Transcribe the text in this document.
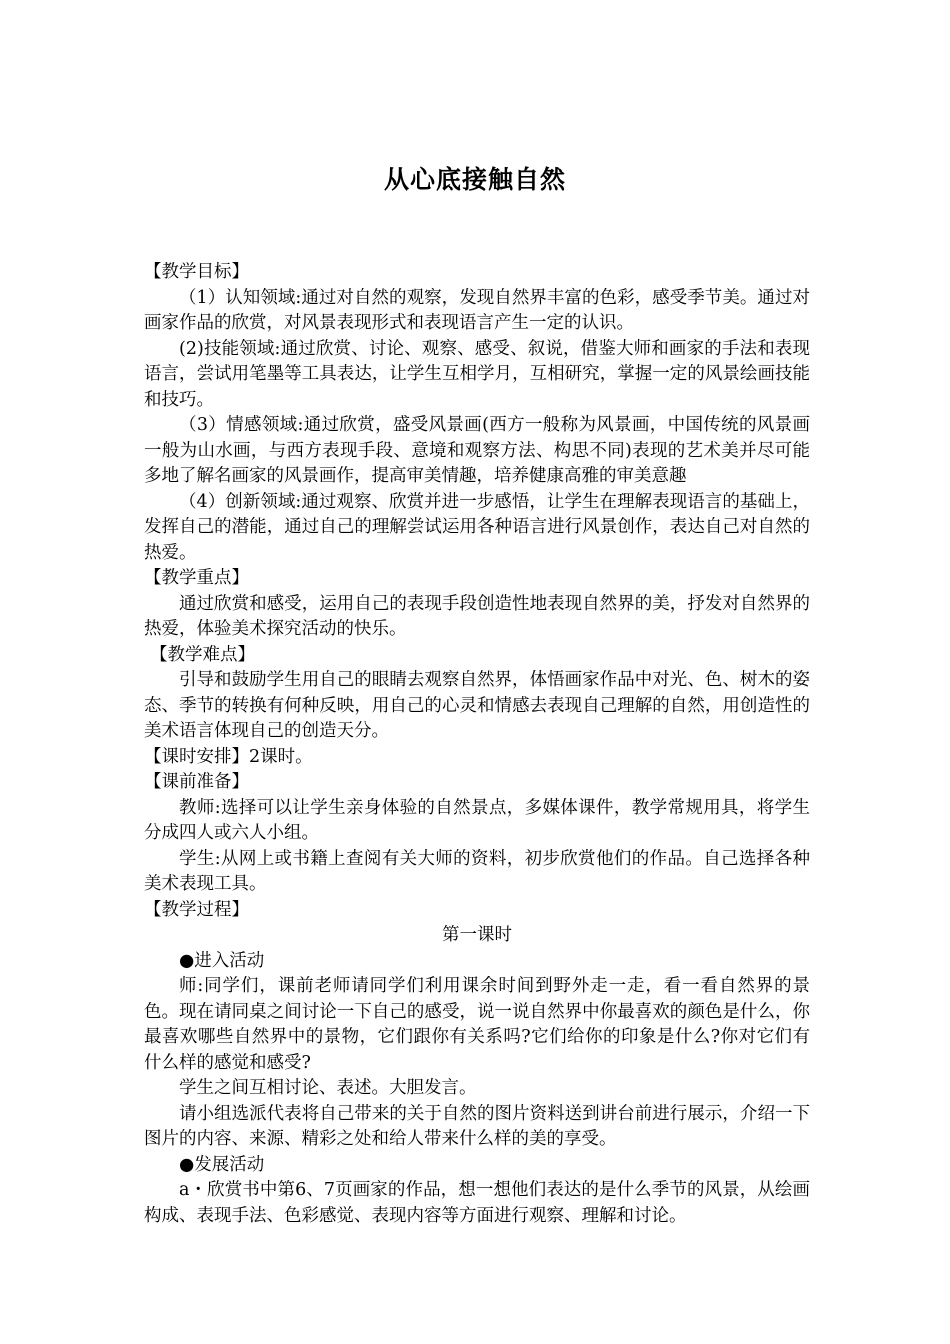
从心底接触自然

【教学目标】

（1）认知领域:通过对自然的观察，发现自然界丰富的色彩，感受季节美。通过对画家作品的欣赏，对风景表现形式和表现语言产生一定的认识。

(2)技能领域:通过欣赏、讨论、观察、感受、叙说，借鉴大师和画家的手法和表现语言，尝试用笔墨等工具表达，让学生互相学月，互相研究，掌握一定的风景绘画技能和技巧。

（3）情感领域:通过欣赏，盛受风景画(西方一般称为风景画，中国传统的风景画一般为山水画，与西方表现手段、意境和观察方法、构思不同)表现的艺术美并尽可能多地了解名画家的风景画作，提高审美情趣，培养健康高雅的审美意趣

（4）创新领域:通过观察、欣赏并进一步感悟，让学生在理解表现语言的基础上，发挥自己的潜能，通过自己的理解尝试运用各种语言进行风景创作，表达自己对自然的热爱。

【教学重点】

通过欣赏和感受，运用自己的表现手段创造性地表现自然界的美，抒发对自然界的热爱，体验美术探究活动的快乐。

【教学难点】

引导和鼓励学生用自己的眼睛去观察自然界，体悟画家作品中对光、色、树木的姿态、季节的转换有何种反映，用自己的心灵和情感去表现自己理解的自然，用创造性的美术语言体现自己的创造天分。

【课时安排】2课时。

【课前准备】

教师:选择可以让学生亲身体验的自然景点，多媒体课件，教学常规用具，将学生分成四人或六人小组。

学生:从网上或书籍上查阅有关大师的资料，初步欣赏他们的作品。自己选择各种美术表现工具。

【教学过程】

第一课时

●进入活动

师:同学们，课前老师请同学们利用课余时间到野外走一走，看一看自然界的景色。现在请同桌之间讨论一下自己的感受，说一说自然界中你最喜欢的颜色是什么，你最喜欢哪些自然界中的景物，它们跟你有关系吗?它们给你的印象是什么?你对它们有什么样的感觉和感受?

学生之间互相讨论、表述。大胆发言。

请小组选派代表将自己带来的关于自然的图片资料送到讲台前进行展示，介绍一下图片的内容、来源、精彩之处和给人带来什么样的美的享受。

●发展活动

a・欣赏书中第6、7页画家的作品，想一想他们表达的是什么季节的风景，从绘画构成、表现手法、色彩感觉、表现内容等方面进行观察、理解和讨论。
